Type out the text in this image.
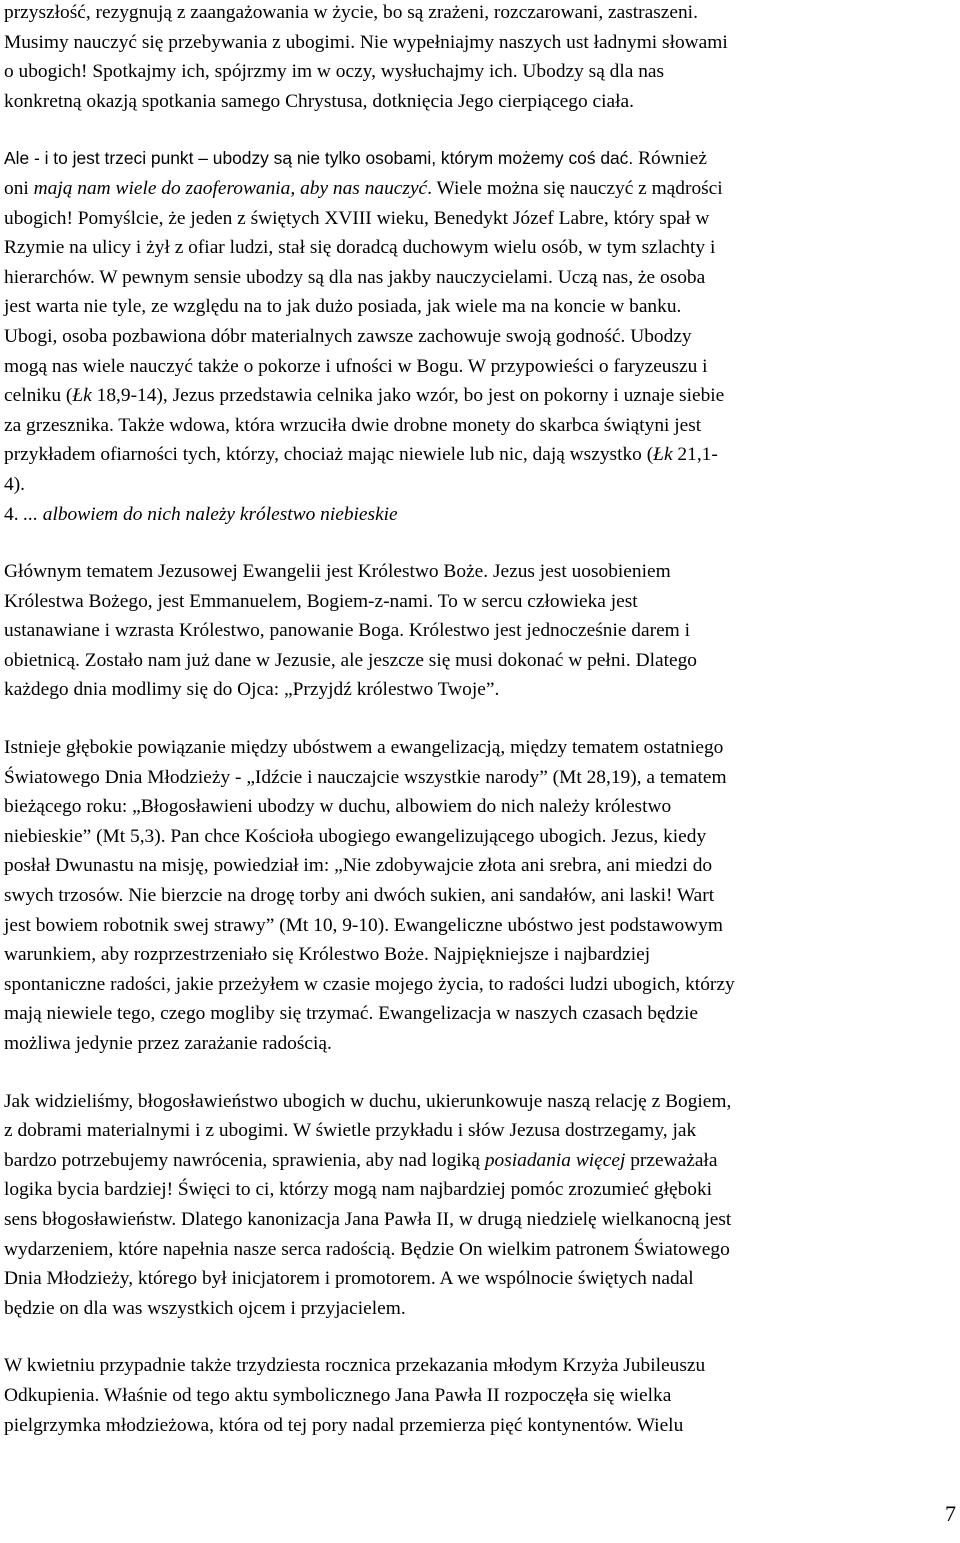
przyszłość, rezygnują z zaangażowania w życie, bo są zrażeni, rozczarowani, zastraszeni.
Musimy nauczyć się przebywania z ubogimi. Nie wypełniajmy naszych ust ładnymi słowami
o ubogich! Spotkajmy ich, spójrzmy im w oczy, wysłuchajmy ich. Ubodzy są dla nas
konkretną okazją spotkania samego Chrystusa, dotknięcia Jego cierpiącego ciała.

Ale - i to jest trzeci punkt – ubodzy są nie tylko osobami, którym możemy coś dać. Również
oni mają nam wiele do zaoferowania, aby nas nauczyć. Wiele można się nauczyć z mądrości
ubogich! Pomyślcie, że jeden z świętych XVIII wieku, Benedykt Józef Labre, który spał w
Rzymie na ulicy i żył z ofiar ludzi, stał się doradcą duchowym wielu osób, w tym szlachty i
hierarchów. W pewnym sensie ubodzy są dla nas jakby nauczycielami. Uczą nas, że osoba
jest warta nie tyle, ze względu na to jak dużo posiada, jak wiele ma na koncie w banku.
Ubogi, osoba pozbawiona dóbr materialnych zawsze zachowuje swoją godność. Ubodzy
mogą nas wiele nauczyć także o pokorze i ufności w Bogu. W przypowieści o faryzeuszu i
celniku (Łk 18,9-14), Jezus przedstawia celnika jako wzór, bo jest on pokorny i uznaje siebie
za grzesznika. Także wdowa, która wrzuciła dwie drobne monety do skarbca świątyni jest
przykładem ofiarności tych, którzy, chociaż mając niewiele lub nic, dają wszystko (Łk 21,1-
4).

4. ... albowiem do nich należy królestwo niebieskie

Głównym tematem Jezusowej Ewangelii jest Królestwo Boże. Jezus jest uosobieniem
Królestwa Bożego, jest Emmanuelem, Bogiem-z-nami. To w sercu człowieka jest
ustanawiane i wzrasta Królestwo, panowanie Boga. Królestwo jest jednocześnie darem i
obietnicą. Zostało nam już dane w Jezusie, ale jeszcze się musi dokonać w pełni. Dlatego
każdego dnia modlimy się do Ojca: „Przyjdź królestwo Twoje”.

Istnieje głębokie powiązanie między ubóstwem a ewangelizacją, między tematem ostatniego
Światowego Dnia Młodzieży - „Idźcie i nauczajcie wszystkie narody” (Mt 28,19), a tematem
bieżącego roku: „Błogosławieni ubodzy w duchu, albowiem do nich należy królestwo
niebieskie” (Mt 5,3). Pan chce Kościoła ubogiego ewangelizującego ubogich. Jezus, kiedy
posłał Dwunastu na misję, powiedział im: „Nie zdobywajcie złota ani srebra, ani miedzi do
swych trzosów. Nie bierzcie na drogę torby ani dwóch sukien, ani sandałów, ani laski! Wart
jest bowiem robotnik swej strawy” (Mt 10, 9-10). Ewangeliczne ubóstwo jest podstawowym
warunkiem, aby rozprzestrzeniało się Królestwo Boże. Najpiękniejsze i najbardziej
spontaniczne radości, jakie przeżyłem w czasie mojego życia, to radości ludzi ubogich, którzy
mają niewiele tego, czego mogliby się trzymać. Ewangelizacja w naszych czasach będzie
możliwa jedynie przez zarażanie radością.

Jak widzieliśmy, błogosławieństwo ubogich w duchu, ukierunkowuje naszą relację z Bogiem,
z dobrami materialnymi i z ubogimi. W świetle przykładu i słów Jezusa dostrzegamy, jak
bardzo potrzebujemy nawrócenia, sprawienia, aby nad logiką posiadania więcej przeważała
logika bycia bardziej! Święci to ci, którzy mogą nam najbardziej pomóc zrozumieć głęboki
sens błogosławieństw. Dlatego kanonizacja Jana Pawła II, w drugą niedzielę wielkanocną jest
wydarzeniem, które napełnia nasze serca radością. Będzie On wielkim patronem Światowego
Dnia Młodzieży, którego był inicjatorem i promotorem. A we wspólnocie świętych nadal
będzie on dla was wszystkich ojcem i przyjacielem.

W kwietniu przypadnie także trzydziesta rocznica przekazania młodym Krzyża Jubileuszu
Odkupienia. Właśnie od tego aktu symbolicznego Jana Pawła II rozpoczęła się wielka
pielgrzymka młodzieżowa, która od tej pory nadal przemierza pięć kontynentów. Wielu

7
